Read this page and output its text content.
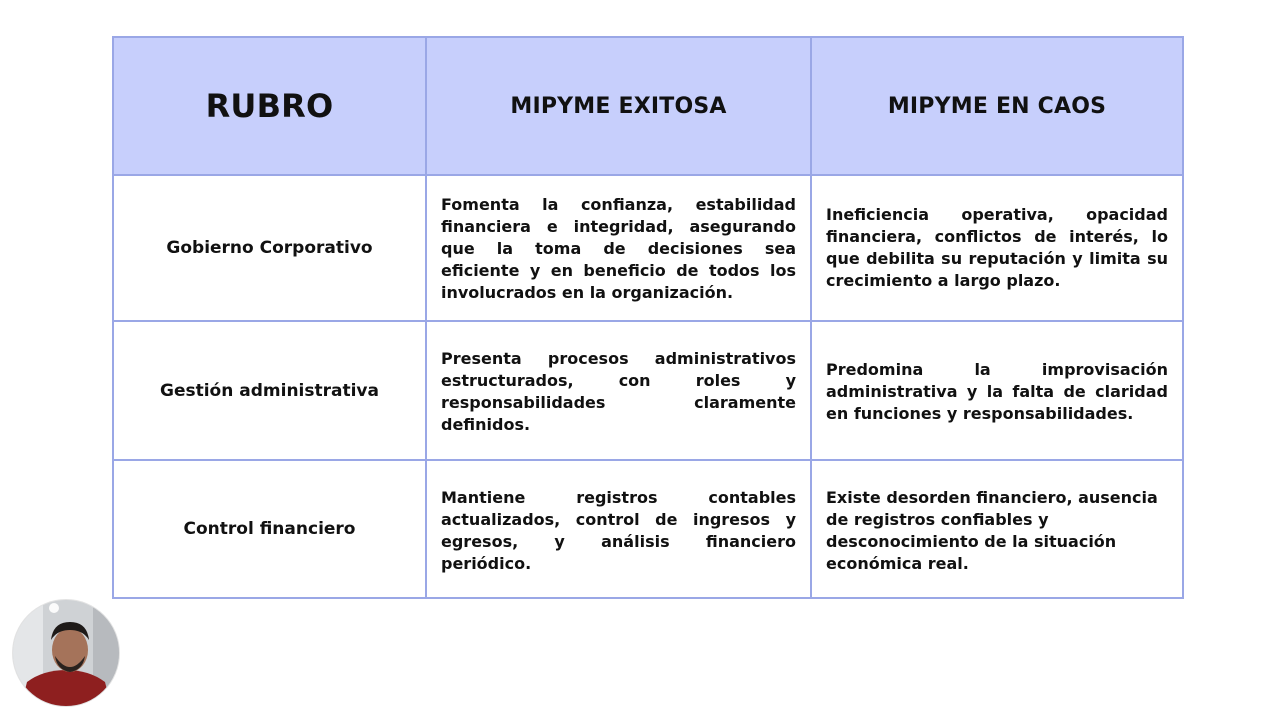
RUBRO	MIPYME EXITOSA	MIPYME EN CAOS
Gobierno Corporativo	Fomenta la confianza, estabilidad financiera e integridad, asegurando que la toma de decisiones sea eficiente y en beneficio de todos los involucrados en la organización.	Ineficiencia operativa, opacidad financiera, conflictos de interés, lo que debilita su reputación y limita su crecimiento a largo plazo.
Gestión administrativa	Presenta procesos administrativos estructurados, con roles y responsabilidades claramente definidos.	Predomina la improvisación administrativa y la falta de claridad en funciones y responsabilidades.
Control financiero	Mantiene registros contables actualizados, control de ingresos y egresos, y análisis financiero periódico.	Existe desorden financiero, ausencia de registros confiables y desconocimiento de la situación económica real.
